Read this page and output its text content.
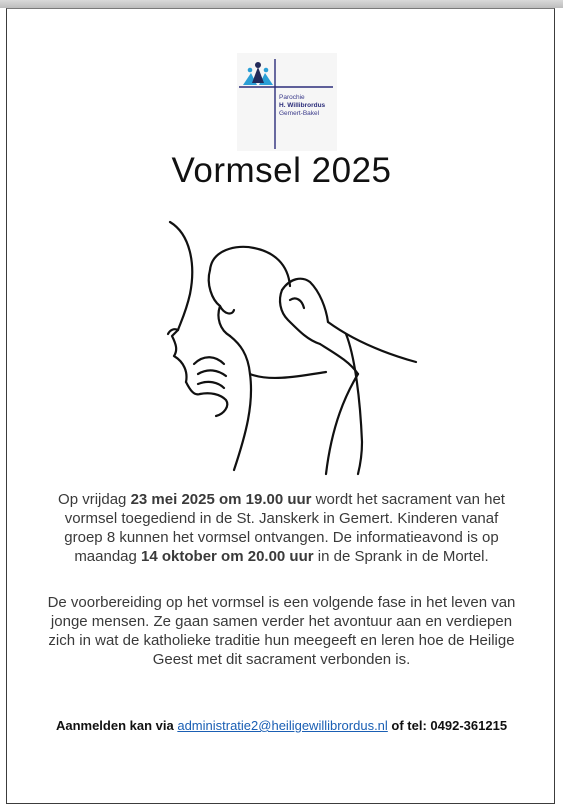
Parochie
H. Willibrordus
Gemert-Bakel
Vormsel 2025
Op vrijdag 23 mei 2025 om 19.00 uur wordt het sacrament van het vormsel toegediend in de St. Janskerk in Gemert. Kinderen vanaf groep 8 kunnen het vormsel ontvangen. De informatieavond is op maandag 14 oktober om 20.00 uur in de Sprank in de Mortel.
De voorbereiding op het vormsel is een volgende fase in het leven van jonge mensen. Ze gaan samen verder het avontuur aan en verdiepen zich in wat de katholieke traditie hun meegeeft en leren hoe de Heilige Geest met dit sacrament verbonden is.
Aanmelden kan via administratie2@heiligewillibrordus.nl of tel: 0492-361215
